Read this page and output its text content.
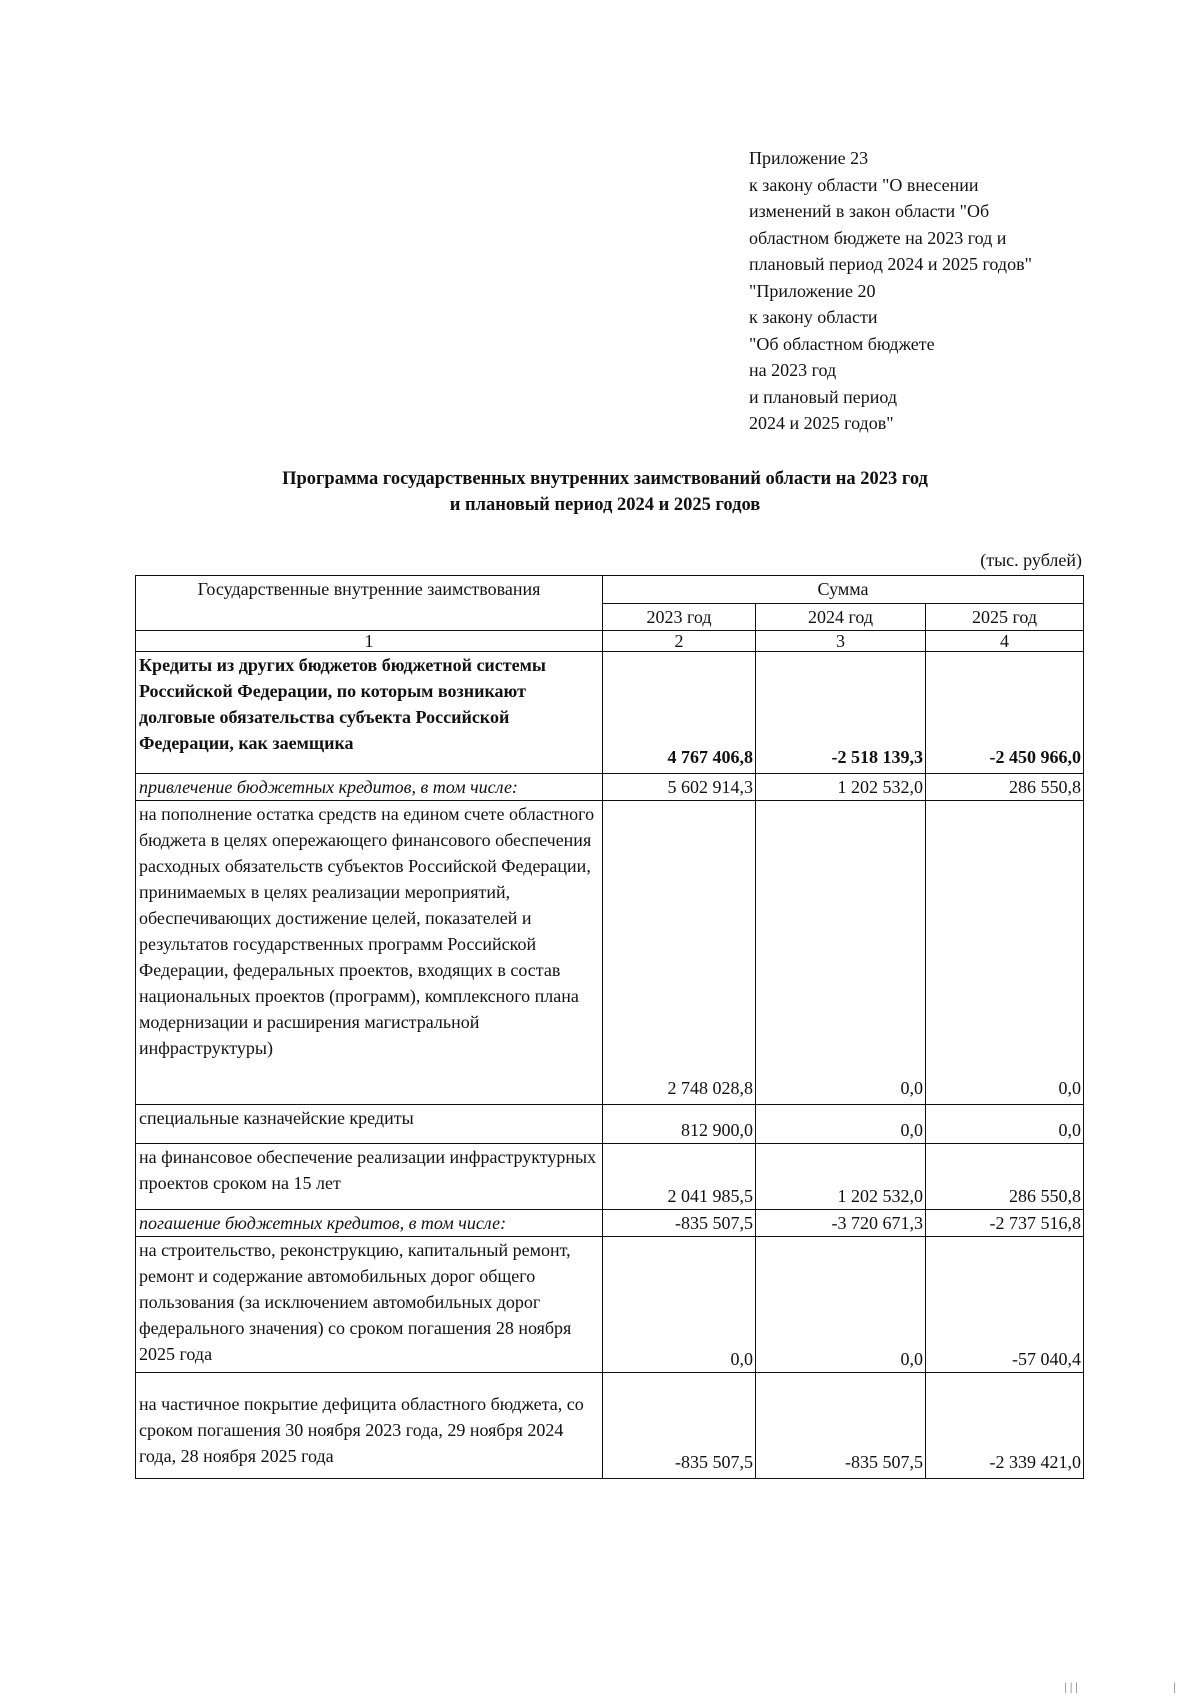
Приложение 23
к закону области "О внесении
изменений в закон области "Об
областном бюджете на 2023 год и
плановый период 2024 и 2025 годов"
"Приложение 20
к закону области
"Об областном бюджете
на 2023 год
и плановый период
2024 и 2025 годов"
Программа государственных внутренних заимствований области на 2023 год
и плановый период 2024 и 2025 годов
(тыс. рублей)
Государственные внутренние заимствования	Сумма		
	2023 год	2024 год	2025 год
1	2	3	4
Кредиты из других бюджетов бюджетной системы Российской Федерации, по которым возникают долговые обязательства субъекта Российской Федерации, как заемщика	4 767 406,8	-2 518 139,3	-2 450 966,0
привлечение бюджетных кредитов, в том числе:	5 602 914,3	1 202 532,0	286 550,8
на пополнение остатка средств на едином счете областного бюджета в целях опережающего финансового обеспечения расходных обязательств субъектов Российской Федерации, принимаемых в целях реализации мероприятий, обеспечивающих достижение целей, показателей и результатов государственных программ Российской Федерации, федеральных проектов, входящих в состав национальных проектов (программ), комплексного плана модернизации и расширения магистральной инфраструктуры)	2 748 028,8	0,0	0,0
специальные казначейские кредиты	812 900,0	0,0	0,0
на финансовое обеспечение реализации инфраструктурных проектов сроком на 15 лет	2 041 985,5	1 202 532,0	286 550,8
погашение бюджетных кредитов, в том числе:	-835 507,5	-3 720 671,3	-2 737 516,8
на строительство, реконструкцию, капитальный ремонт, ремонт и содержание автомобильных дорог общего пользования (за исключением автомобильных дорог федерального значения) со сроком погашения 28 ноября 2025 года	0,0	0,0	-57 040,4
на частичное покрытие дефицита областного бюджета, со сроком погашения 30 ноября 2023 года, 29 ноября 2024 года, 28 ноября 2025 года	-835 507,5	-835 507,5	-2 339 421,0
│││	│
